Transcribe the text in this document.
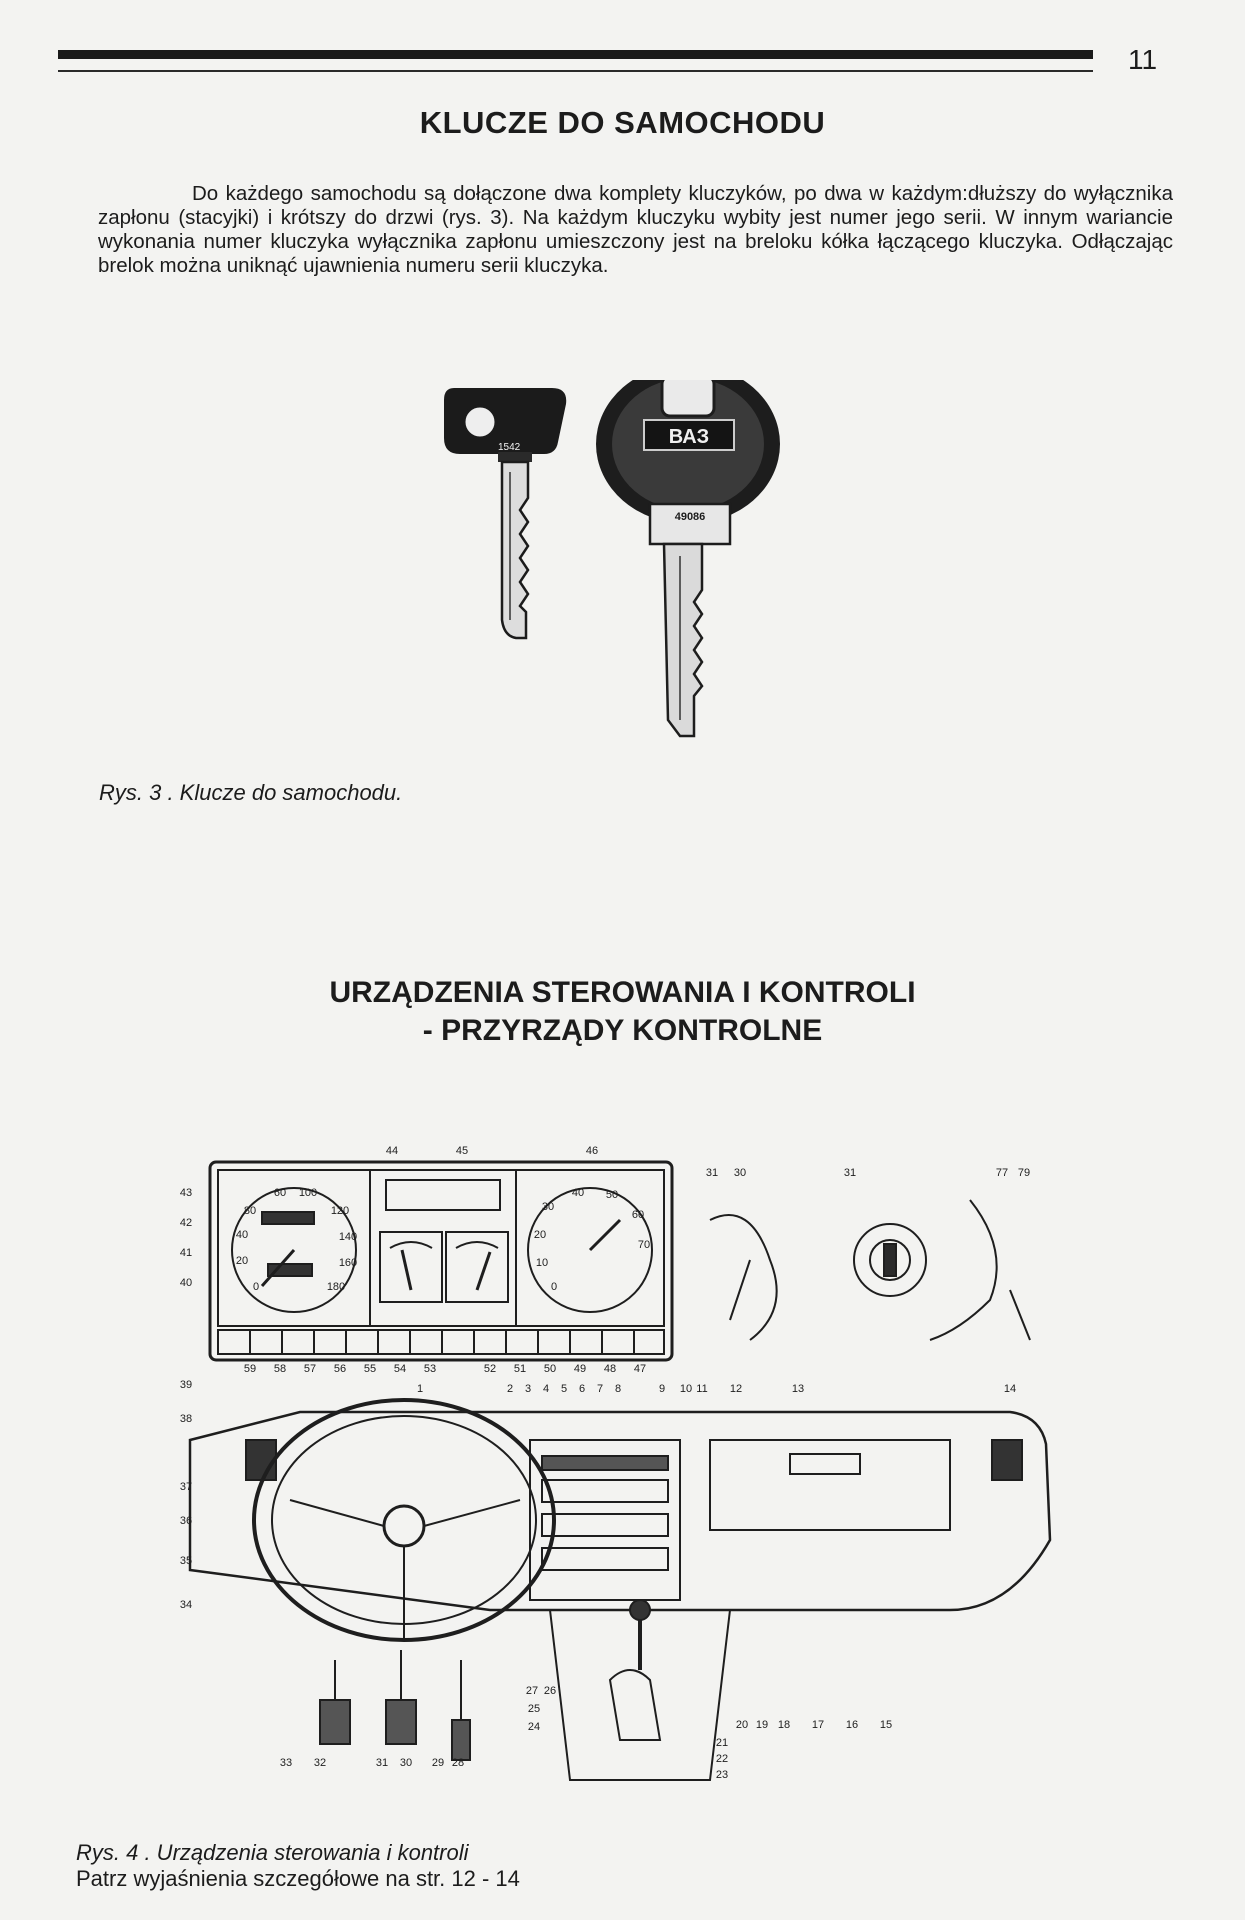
11
KLUCZE DO SAMOCHODU

Do każdego samochodu są dołączone dwa komplety kluczyków, po dwa w każdym:dłuższy do wyłącznika zapłonu (stacyjki) i krótszy do drzwi (rys. 3). Na każdym kluczyku wybity jest numer jego serii. W innym wariancie wykonania numer kluczyka wyłącznika zapłonu umieszczony jest na breloku kółka łączącego kluczyka. Odłączając brelok można uniknąć ujawnienia numeru serii kluczyka.

1542	ВАЗ
49086
Rys. 3 . Klucze do samochodu.
URZĄDZENIA STEROWANIA I KONTROLI
- PRZYRZĄDY KONTROLNE
60 100
80	120
40	140
20	160
0	180
30
40 50
60
20
70
10
0
44	45	46
43
42
41
40
39
38
37
36
35
34
59 58 57 56 55 54 53	52 51 50 49 48 47
1	2 3 4 5 6 7 8	9 10 11 12	13	14
31 30	31	77 79
33 32	31 30 29 28
27 26
25
24	20 19 18 17 16 15
21
22
23
Rys. 4 . Urządzenia sterowania i kontroli
Patrz wyjaśnienia szczegółowe na str. 12 - 14
